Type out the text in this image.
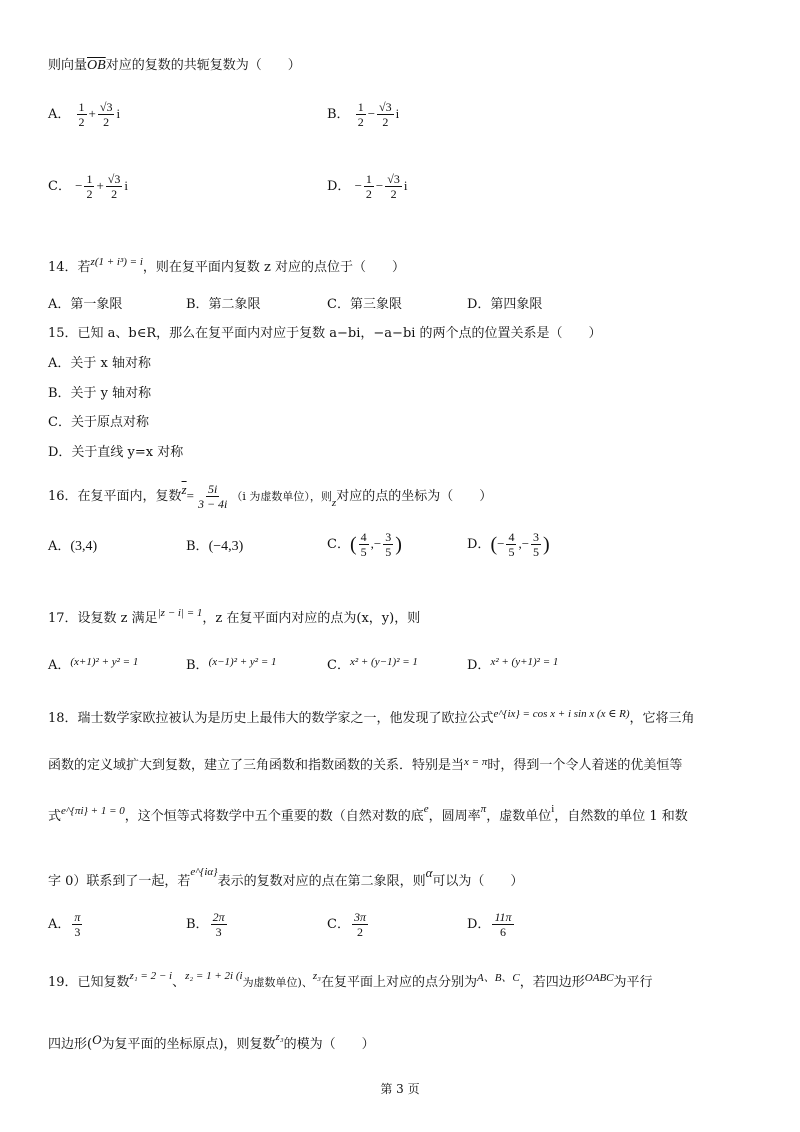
则向量$\overline{OB}$对应的复数的共轭复数为（　　）
A． $\frac{1}{2} + \frac{√3}{2}$ i	B． $\frac{1}{2} - \frac{√3}{2}$ i
C． − $\frac{1}{2} + \frac{√3}{2}$ i	D． − $\frac{1}{2} - \frac{√3}{2}$ i
14．若$^{z(1 + i^3) = i}$，则在复平面内复数 z 对应的点位于（　　）
A．第一象限	B．第二象限	C．第三象限	D．第四象限
15．已知 a、b∈R，那么在复平面内对应于复数 a−bi，−a−bi 的两个点的位置关系是（　　）
A．关于 x 轴对称
B．关于 y 轴对称
C．关于原点对称
D．关于直线 y=x 对称
16．在复平面内，复数$\overline{z}= \frac{5i}{3 - 4i} (i$ 为虚数单位），则$_z$对应的点的坐标为（　　）
A．(3,4)	B．(−4,3)	C．( $\frac{4}{5}$ ,− $\frac{3}{5}$ )	D．(− $\frac{4}{5}$ ,− $\frac{3}{5}$ )
17．设复数 z 满足$^{|z - i| = 1}$，z 在复平面内对应的点为(x，y)，则
A．$^{(x+1)^2 + y^2 = 1}$	B．$^{(x-1)^2 + y^2 = 1}$	C．$^{x^2 + (y-1)^2 = 1}$	D．$^{x^2 + (y+1)^2 = 1}$
18．瑞士数学家欧拉被认为是历史上最伟大的数学家之一，他发现了欧拉公式$^{e\^{}\{ix\} = cos x + i sin x (x \in R)}$，它将三角
函数的定义域扩大到复数，建立了三角函数和指数函数的关系．特别是当$^{x = \pi}$时，得到一个令人着迷的优美恒等
式$^{e\^{}\{\pi i\} + 1 = 0}$，这个恒等式将数学中五个重要的数（自然对数的底$^e$，圆周率$^\pi$，虚数单位$^i$，自然数的单位 1 和数
字 0）联系到了一起，若$^{e\^{}\{i\alpha\}}$表示的复数对应的点在第二象限，则α可以为（　　）
A． $\frac{\pi}{3}$	B． $\frac{2\pi}{3}$	C． $\frac{3\pi}{2}$	D． $\frac{11\pi}{6}$
19．已知复数$^{z_1 = 2 - i}$、$^{z_2 = 1 + 2i (i}$为虚数单位)、$^{z_3}$在复平面上对应的点分别为$^{A、B、C}$，若四边形$^{OABC}$为平行
四边形(O为复平面的坐标原点)，则复数$^{z_3}$的模为（　　）
第 3 页
